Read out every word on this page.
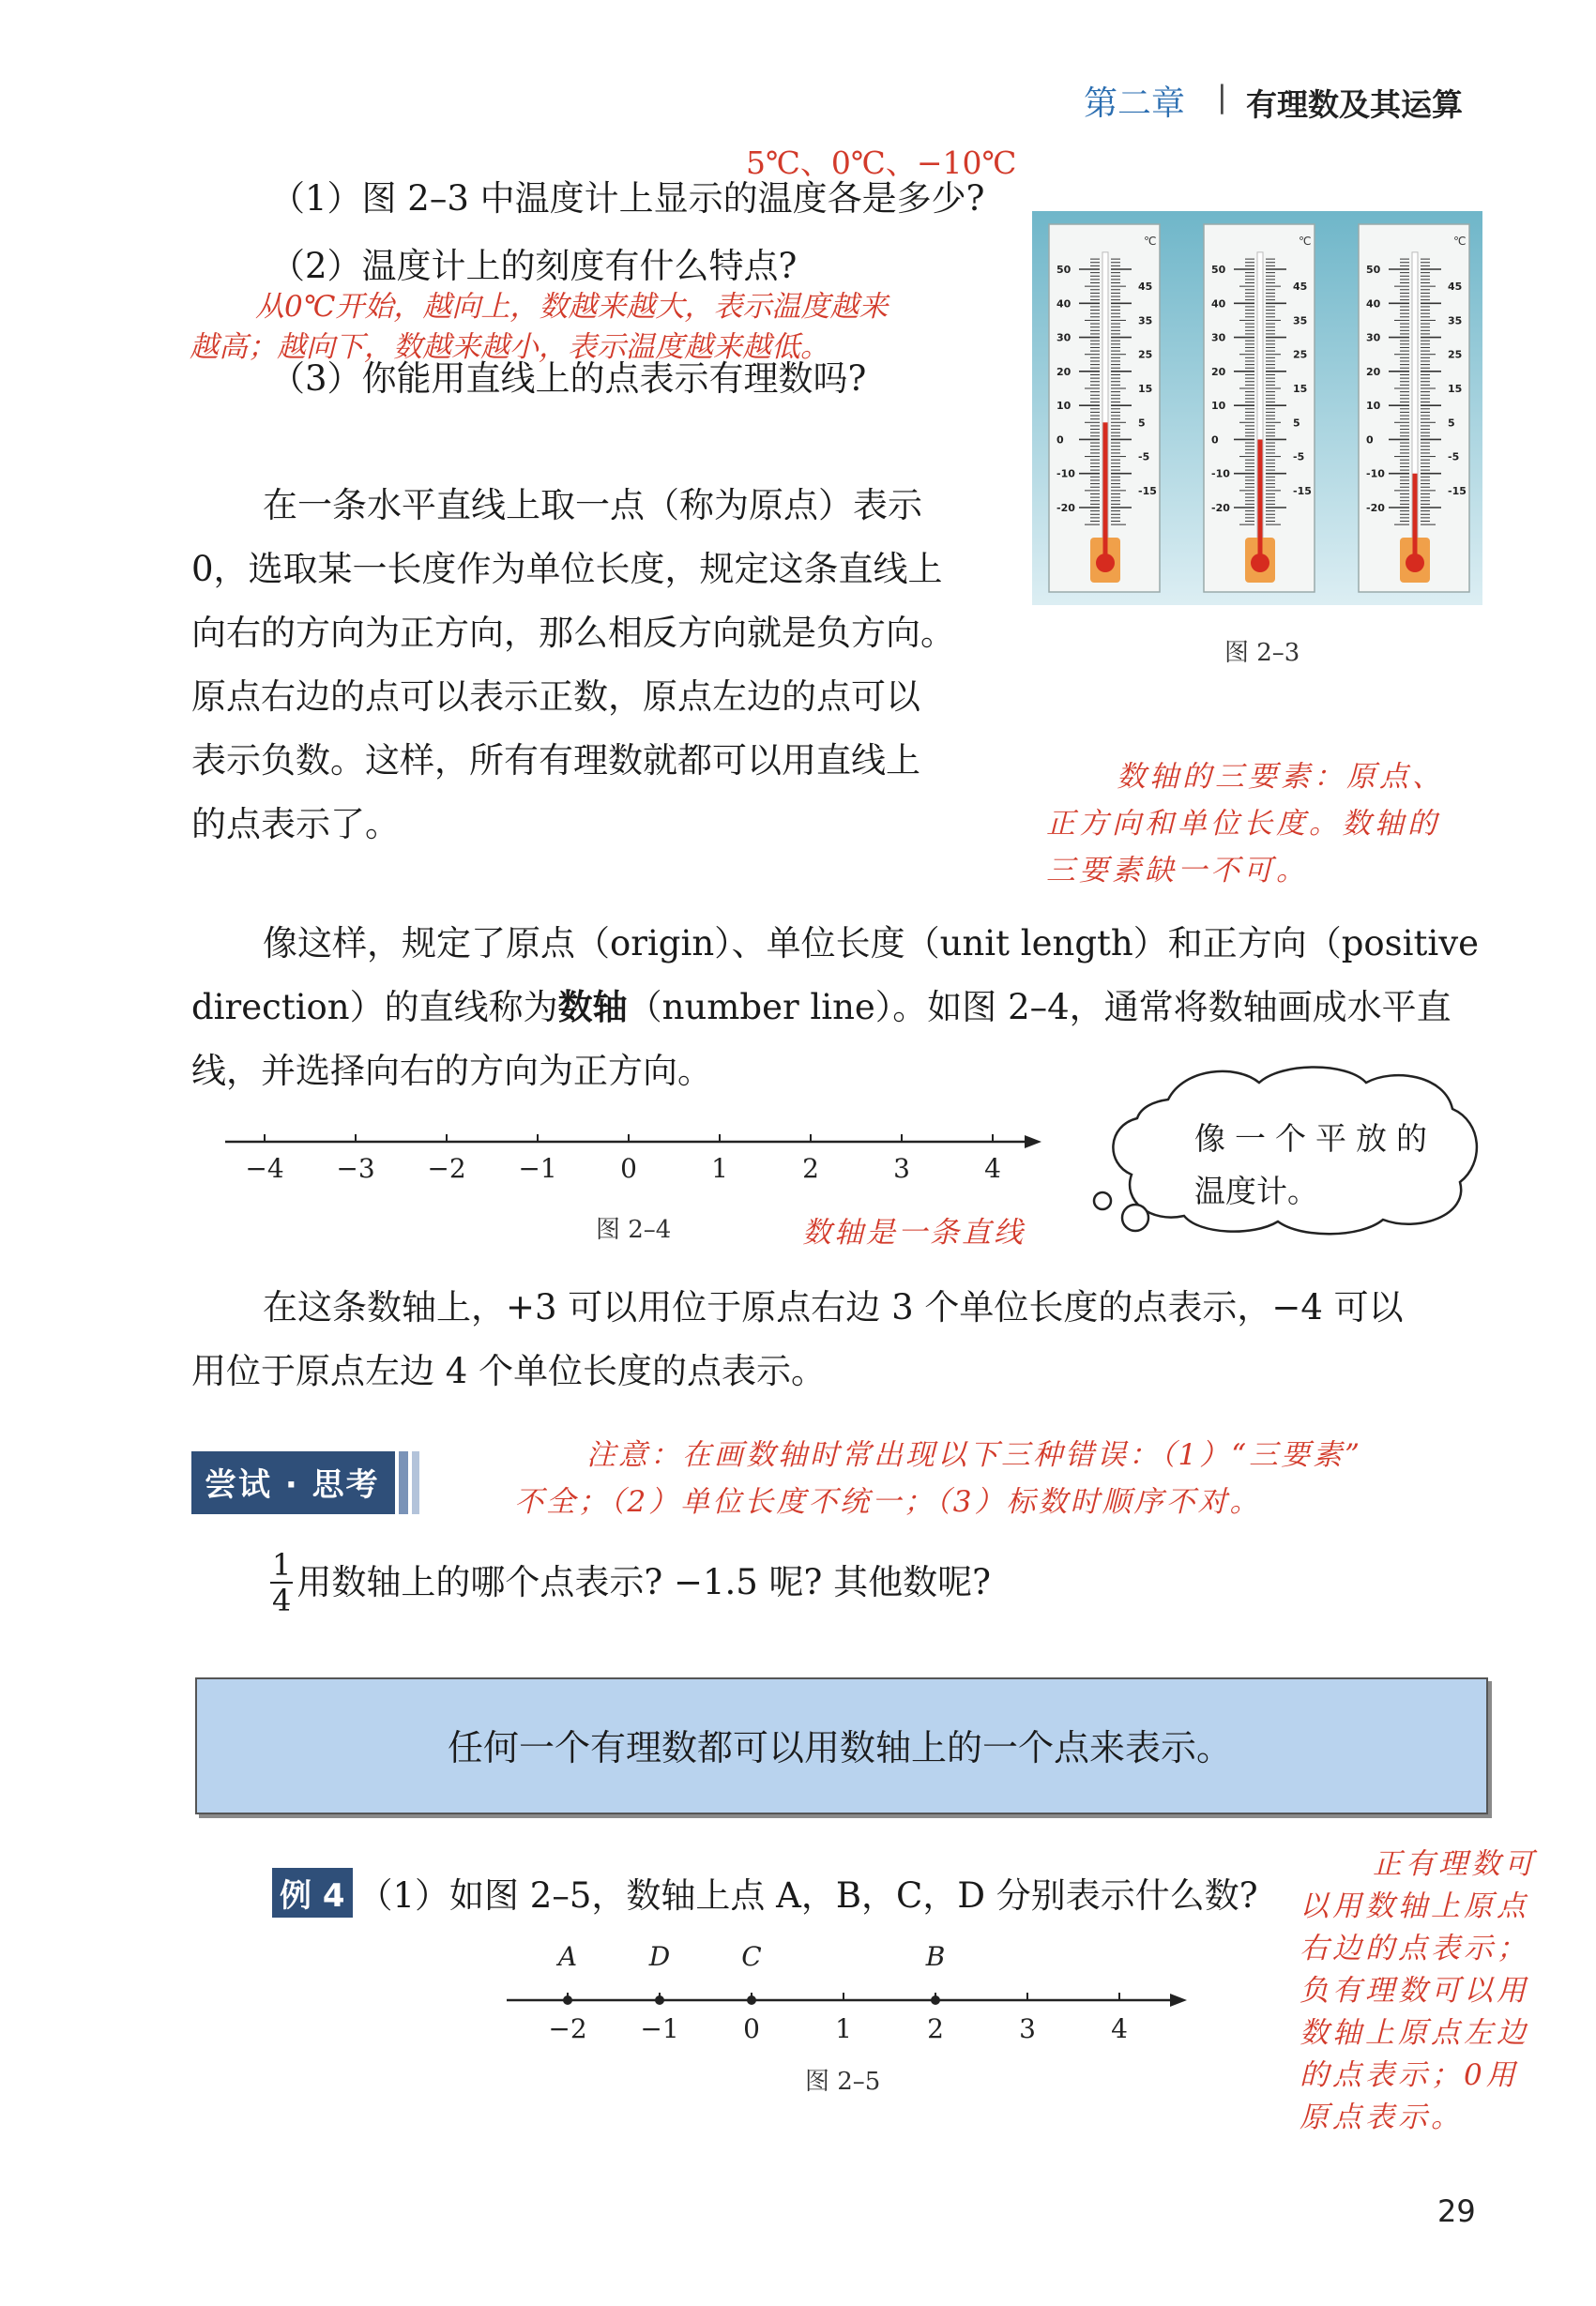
第二章 | 有理数及其运算
（1）图 2–3 中温度计上显示的温度各是多少?
5℃、0℃、−10℃
（2）温度计上的刻度有什么特点?
从0℃开始，越向上，数越来越大，表示温度越来
越高；越向下，数越来越小，表示温度越来越低。
（3）你能用直线上的点表示有理数吗?
℃
50
40
30
20
10
0
-10
-20
45
35
25
15
5
-5
-15
℃
50
40
30
20
10
0
-10
-20
45
35
25
15
5
-5
-15
℃
50
40
30
20
10
0
-10
-20
45
35
25
15
5
-5
-15
图 2–3
在一条水平直线上取一点（称为原点）表示
0，选取某一长度作为单位长度，规定这条直线上
向右的方向为正方向，那么相反方向就是负方向。
原点右边的点可以表示正数，原点左边的点可以
表示负数。这样，所有有理数就都可以用直线上
的点表示了。
数轴的三要素：原点、
正方向和单位长度。数轴的
三要素缺一不可。
像这样，规定了原点（origin）、单位长度（unit length）和正方向（positive
direction）的直线称为数轴（number line）。如图 2–4，通常将数轴画成水平直
线，并选择向右的方向为正方向。
−4 −3 −2 −1 0	1	2	3	4
图 2–4	数轴是一条直线
像一个平放的
温度计。
在这条数轴上，+3 可以用位于原点右边 3 个单位长度的点表示，−4 可以
用位于原点左边 4 个单位长度的点表示。
尝试 · 思考
注意：在画数轴时常出现以下三种错误：（1）“三要素”
不全；（2）单位长度不统一；（3）标数时顺序不对。
$\frac{1}{4}$ 用数轴上的哪个点表示? −1.5 呢? 其他数呢?
任何一个有理数都可以用数轴上的一个点来表示。
例 4 （1）如图 2–5，数轴上点 A，B，C，D 分别表示什么数?
正有理数可
以用数轴上原点
右边的点表示；
负有理数可以用
数轴上原点左边
的点表示；0用
原点表示。
−2 −1 0	1	2	3	4
A	D	C	B
图 2–5
29
